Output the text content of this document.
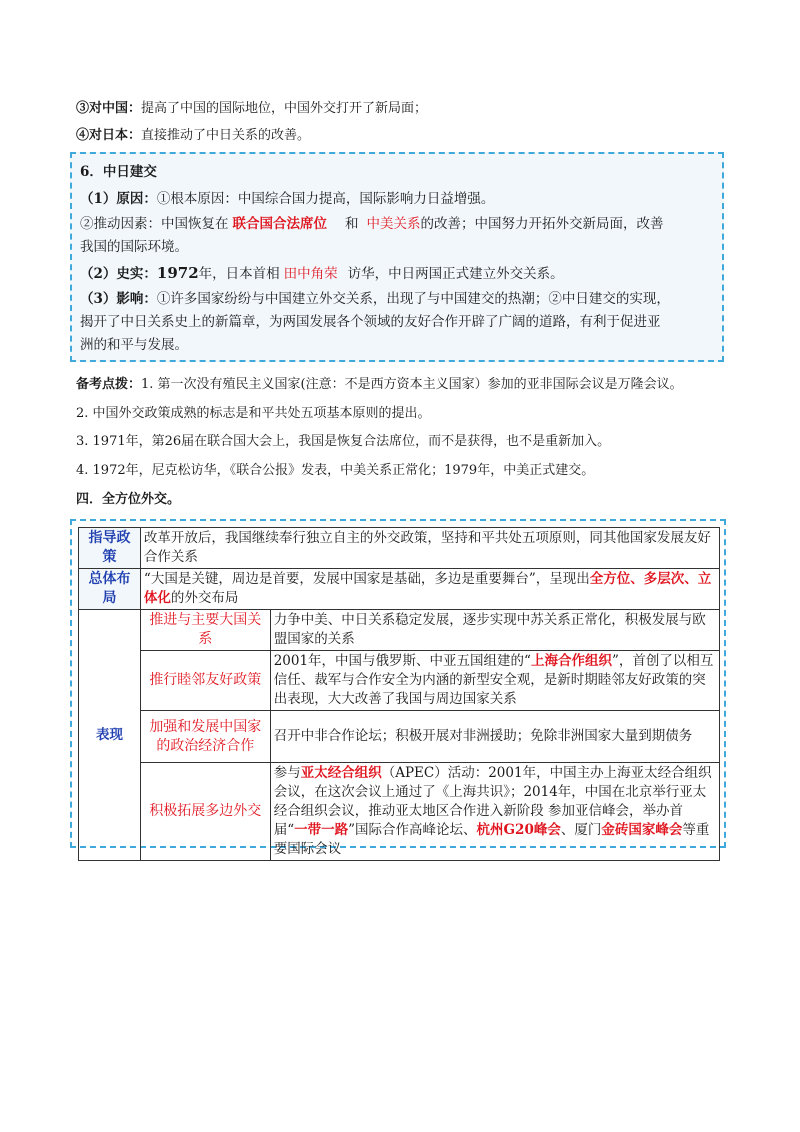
③对中国：提高了中国的国际地位，中国外交打开了新局面；
④对日本：直接推动了中日关系的改善。
6．中日建交
（1）原因：①根本原因：中国综合国力提高，国际影响力日益增强。
②推动因素：中国恢复在 联合国合法席位 和 中美关系的改善；中国努力开拓外交新局面，改善
我国的国际环境。
（2）史实：1972年，日本首相 田中角荣 访华，中日两国正式建立外交关系。
（3）影响：①许多国家纷纷与中国建立外交关系，出现了与中国建交的热潮；②中日建交的实现，
揭开了中日关系史上的新篇章，为两国发展各个领域的友好合作开辟了广阔的道路，有利于促进亚
洲的和平与发展。
备考点拨：1. 第一次没有殖民主义国家(注意：不是西方资本主义国家）参加的亚非国际会议是万隆会议。
2. 中国外交政策成熟的标志是和平共处五项基本原则的提出。
3. 1971年，第26届在联合国大会上，我国是恢复合法席位，而不是获得，也不是重新加入。
4. 1972年，尼克松访华，《联合公报》发表，中美关系正常化；1979年，中美正式建交。
四．全方位外交。
指导政策	改革开放后，我国继续奉行独立自主的外交政策，坚持和平共处五项原则，同其他国家发展友好合作关系	
总体布局	“大国是关键，周边是首要，发展中国家是基础，多边是重要舞台”，呈现出全方位、多层次、立体化的外交布局	
表现	推进与主要大国关系	力争中美、中日关系稳定发展，逐步实现中苏关系正常化，积极发展与欧盟国家的关系
	推行睦邻友好政策	2001年，中国与俄罗斯、中亚五国组建的“上海合作组织”，首创了以相互信任、裁军与合作安全为内涵的新型安全观，是新时期睦邻友好政策的突出表现，大大改善了我国与周边国家关系
	加强和发展中国家的政治经济合作	召开中非合作论坛；积极开展对非洲援助；免除非洲国家大量到期债务
	积极拓展多边外交	参与亚太经合组织（APEC）活动：2001年，中国主办上海亚太经合组织会议，在这次会议上通过了《上海共识》；2014年，中国在北京举行亚太经合组织会议，推动亚太地区合作进入新阶段 参加亚信峰会，举办首届“一带一路”国际合作高峰论坛、杭州G20峰会、厦门金砖国家峰会等重要国际会议
